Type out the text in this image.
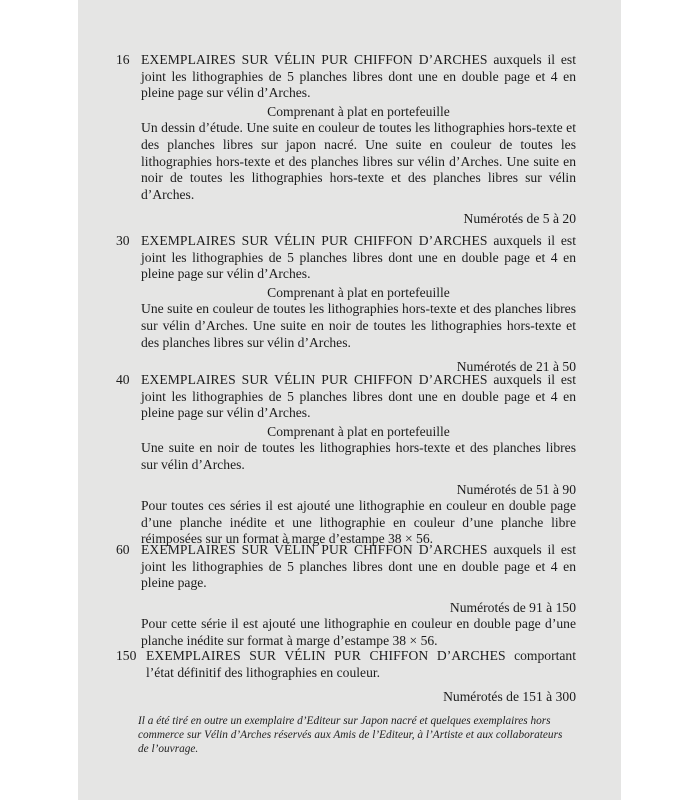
16 EXEMPLAIRES SUR VÉLIN PUR CHIFFON D’ARCHES auxquels il est joint les lithographies de 5 planches libres dont une en double page et 4 en pleine page sur vélin d’Arches.
Comprenant à plat en portefeuille
Un dessin d’étude. Une suite en couleur de toutes les lithographies hors-texte et des planches libres sur japon nacré. Une suite en couleur de toutes les lithographies hors-texte et des planches libres sur vélin d’Arches. Une suite en noir de toutes les lithographies hors-texte et des planches libres sur vélin d’Arches.
Numérotés de 5 à 20
30 EXEMPLAIRES SUR VÉLIN PUR CHIFFON D’ARCHES auxquels il est joint les lithographies de 5 planches libres dont une en double page et 4 en pleine page sur vélin d’Arches.
Comprenant à plat en portefeuille
Une suite en couleur de toutes les lithographies hors-texte et des planches libres sur vélin d’Arches. Une suite en noir de toutes les lithographies hors-texte et des planches libres sur vélin d’Arches.
Numérotés de 21 à 50
40 EXEMPLAIRES SUR VÉLIN PUR CHIFFON D’ARCHES auxquels il est joint les lithographies de 5 planches libres dont une en double page et 4 en pleine page sur vélin d’Arches.
Comprenant à plat en portefeuille
Une suite en noir de toutes les lithographies hors-texte et des planches libres sur vélin d’Arches.
Numérotés de 51 à 90
Pour toutes ces séries il est ajouté une lithographie en couleur en double page d’une planche inédite et une lithographie en couleur d’une planche libre réimposées sur un format à marge d’estampe 38 × 56.
60 EXEMPLAIRES SUR VÉLIN PUR CHIFFON D’ARCHES auxquels il est joint les lithographies de 5 planches libres dont une en double page et 4 en pleine page.
Numérotés de 91 à 150
Pour cette série il est ajouté une lithographie en couleur en double page d’une planche inédite sur format à marge d’estampe 38 × 56.
150 EXEMPLAIRES SUR VÉLIN PUR CHIFFON D’ARCHES comportant l’état définitif des lithographies en couleur.
Numérotés de 151 à 300
Il a été tiré en outre un exemplaire d’Editeur sur Japon nacré et quelques exemplaires hors commerce sur Vélin d’Arches réservés aux Amis de l’Editeur, à l’Artiste et aux collaborateurs de l’ouvrage.
